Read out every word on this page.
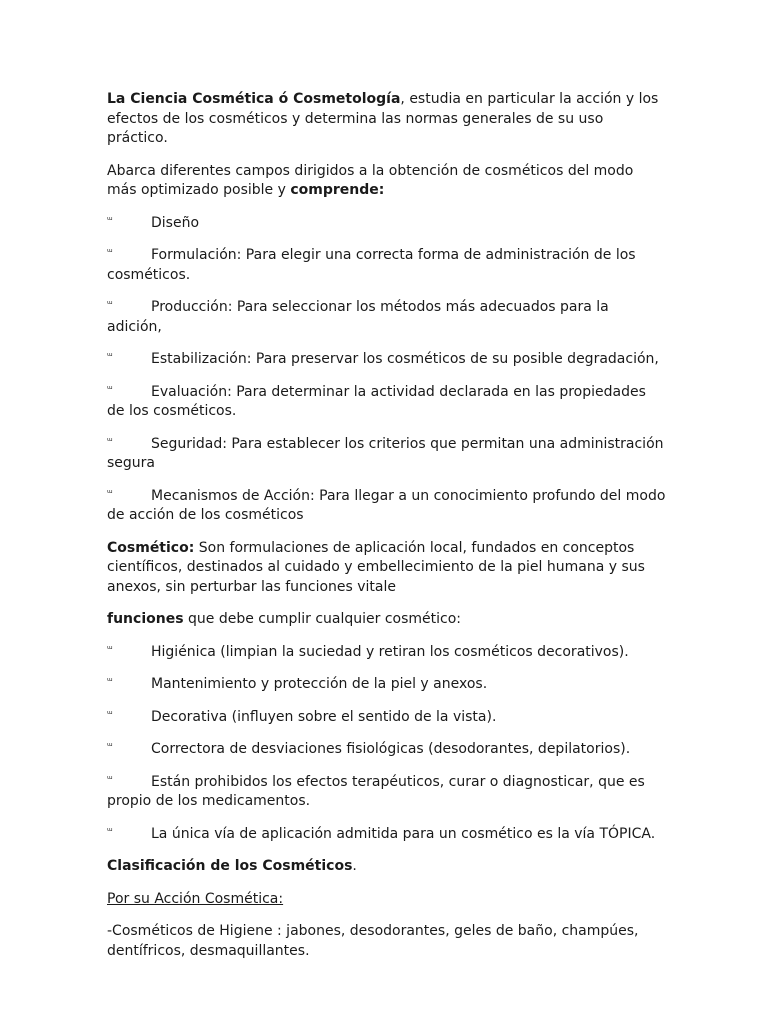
La Ciencia Cosmética ó Cosmetología, estudia en particular la acción y los efectos de los cosméticos y determina las normas generales de su uso práctico.

Abarca diferentes campos dirigidos a la obtención de cosméticos del modo más optimizado posible y comprende:

ᵚ	Diseño

ᵚ	Formulación: Para elegir una correcta forma de administración de los cosméticos.

ᵚ	Producción: Para seleccionar los métodos más adecuados para la adición,

ᵚ	Estabilización: Para preservar los cosméticos de su posible degradación,

ᵚ	Evaluación: Para determinar la actividad declarada en las propiedades de los cosméticos.

ᵚ	Seguridad: Para establecer los criterios que permitan una administración segura

ᵚ	Mecanismos de Acción: Para llegar a un conocimiento profundo del modo de acción de los cosméticos

Cosmético: Son formulaciones de aplicación local, fundados en conceptos científicos, destinados al cuidado y embellecimiento de la piel humana y sus anexos, sin perturbar las funciones vitale

funciones que debe cumplir cualquier cosmético:

ᵚ	Higiénica (limpian la suciedad y retiran los cosméticos decorativos).

ᵚ	Mantenimiento y protección de la piel y anexos.

ᵚ	Decorativa (influyen sobre el sentido de la vista).

ᵚ	Correctora de desviaciones fisiológicas (desodorantes, depilatorios).

ᵚ	Están prohibidos los efectos terapéuticos, curar o diagnosticar, que es propio de los medicamentos.

ᵚ	La única vía de aplicación admitida para un cosmético es la vía TÓPICA.

Clasificación de los Cosméticos.

Por su Acción Cosmética:

-Cosméticos de Higiene : jabones, desodorantes, geles de baño, champúes, dentífricos, desmaquillantes.
